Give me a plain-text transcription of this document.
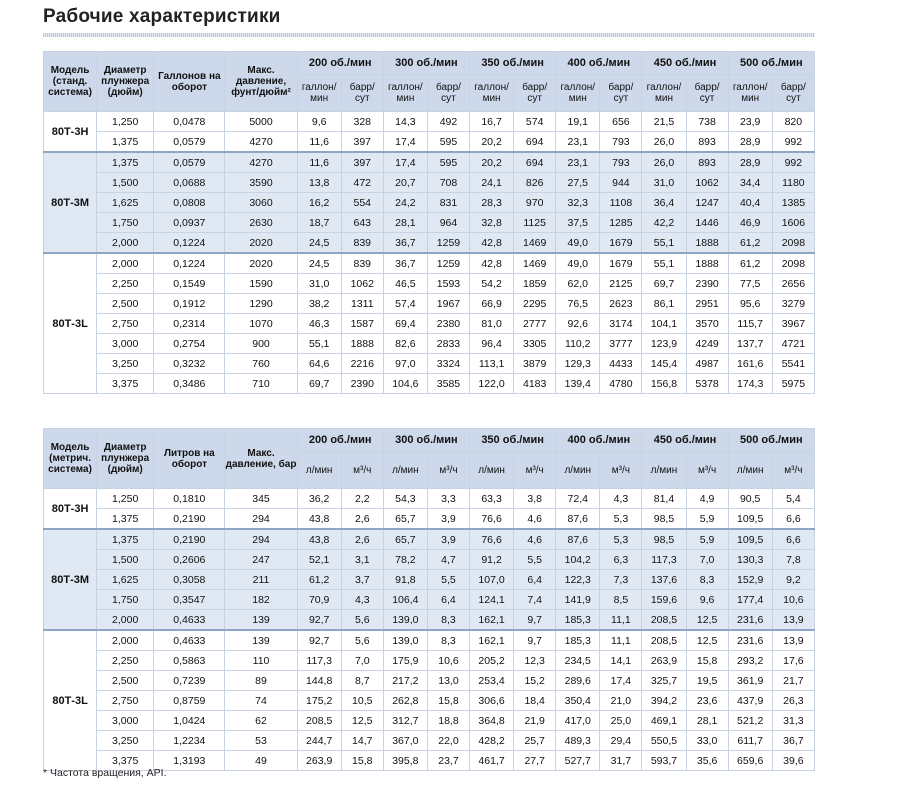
Рабочие характеристики
Модель (станд. система)	Диаметр плунжера (дюйм)	Галлонов на оборот	Макс. давление, фунт/дюйм²	200 об./мин		300 об./мин		350 об./мин		400 об./мин		450 об./мин		500 об./мин	
				галлон/ мин	барр/ сут	галлон/ мин	барр/ сут	галлон/ мин	барр/ сут	галлон/ мин	барр/ сут	галлон/ мин	барр/ сут	галлон/ мин	барр/ сут
80Т-3Н	1,250	0,0478	5000	9,6	328	14,3	492	16,7	574	19,1	656	21,5	738	23,9	820
	1,375	0,0579	4270	11,6	397	17,4	595	20,2	694	23,1	793	26,0	893	28,9	992
80Т-3М	1,375	0,0579	4270	11,6	397	17,4	595	20,2	694	23,1	793	26,0	893	28,9	992
	1,500	0,0688	3590	13,8	472	20,7	708	24,1	826	27,5	944	31,0	1062	34,4	1180
	1,625	0,0808	3060	16,2	554	24,2	831	28,3	970	32,3	1108	36,4	1247	40,4	1385
	1,750	0,0937	2630	18,7	643	28,1	964	32,8	1125	37,5	1285	42,2	1446	46,9	1606
	2,000	0,1224	2020	24,5	839	36,7	1259	42,8	1469	49,0	1679	55,1	1888	61,2	2098
80Т-3L	2,000	0,1224	2020	24,5	839	36,7	1259	42,8	1469	49,0	1679	55,1	1888	61,2	2098
	2,250	0,1549	1590	31,0	1062	46,5	1593	54,2	1859	62,0	2125	69,7	2390	77,5	2656
	2,500	0,1912	1290	38,2	1311	57,4	1967	66,9	2295	76,5	2623	86,1	2951	95,6	3279
	2,750	0,2314	1070	46,3	1587	69,4	2380	81,0	2777	92,6	3174	104,1	3570	115,7	3967
	3,000	0,2754	900	55,1	1888	82,6	2833	96,4	3305	110,2	3777	123,9	4249	137,7	4721
	3,250	0,3232	760	64,6	2216	97,0	3324	113,1	3879	129,3	4433	145,4	4987	161,6	5541
	3,375	0,3486	710	69,7	2390	104,6	3585	122,0	4183	139,4	4780	156,8	5378	174,3	5975
Модель (метрич. система)	Диаметр плунжера (дюйм)	Литров на оборот	Макс. давление, бар	200 об./мин		300 об./мин		350 об./мин		400 об./мин		450 об./мин		500 об./мин	
				л/мин	м³/ч	л/мин	м³/ч	л/мин	м³/ч	л/мин	м³/ч	л/мин	м³/ч	л/мин	м³/ч
80Т-3Н	1,250	0,1810	345	36,2	2,2	54,3	3,3	63,3	3,8	72,4	4,3	81,4	4,9	90,5	5,4
	1,375	0,2190	294	43,8	2,6	65,7	3,9	76,6	4,6	87,6	5,3	98,5	5,9	109,5	6,6
80Т-3М	1,375	0,2190	294	43,8	2,6	65,7	3,9	76,6	4,6	87,6	5,3	98,5	5,9	109,5	6,6
	1,500	0,2606	247	52,1	3,1	78,2	4,7	91,2	5,5	104,2	6,3	117,3	7,0	130,3	7,8
	1,625	0,3058	211	61,2	3,7	91,8	5,5	107,0	6,4	122,3	7,3	137,6	8,3	152,9	9,2
	1,750	0,3547	182	70,9	4,3	106,4	6,4	124,1	7,4	141,9	8,5	159,6	9,6	177,4	10,6
	2,000	0,4633	139	92,7	5,6	139,0	8,3	162,1	9,7	185,3	11,1	208,5	12,5	231,6	13,9
80Т-3L	2,000	0,4633	139	92,7	5,6	139,0	8,3	162,1	9,7	185,3	11,1	208,5	12,5	231,6	13,9
	2,250	0,5863	110	117,3	7,0	175,9	10,6	205,2	12,3	234,5	14,1	263,9	15,8	293,2	17,6
	2,500	0,7239	89	144,8	8,7	217,2	13,0	253,4	15,2	289,6	17,4	325,7	19,5	361,9	21,7
	2,750	0,8759	74	175,2	10,5	262,8	15,8	306,6	18,4	350,4	21,0	394,2	23,6	437,9	26,3
	3,000	1,0424	62	208,5	12,5	312,7	18,8	364,8	21,9	417,0	25,0	469,1	28,1	521,2	31,3
	3,250	1,2234	53	244,7	14,7	367,0	22,0	428,2	25,7	489,3	29,4	550,5	33,0	611,7	36,7
	3,375	1,3193	49	263,9	15,8	395,8	23,7	461,7	27,7	527,7	31,7	593,7	35,6	659,6	39,6
* Частота вращения, API.
